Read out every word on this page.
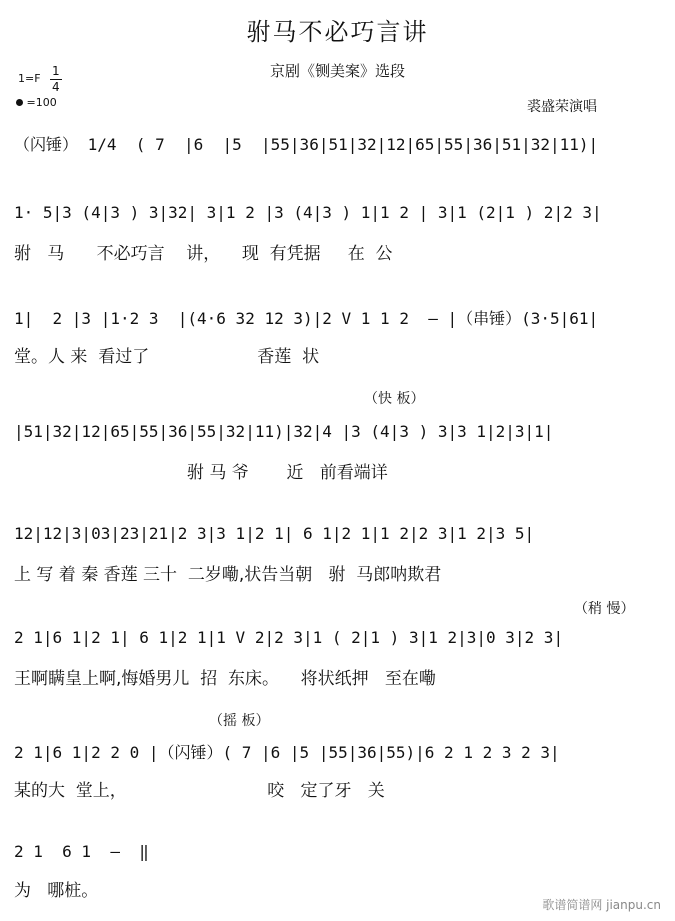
驸马不必巧言讲
京剧《铡美案》选段
1=F
1
4
=100	裘盛荣演唱
（闪锤） 1/4  ( 7  |6  |5  |55|36|51|32|12|65|55|36|51|32|11)|
1· 5|3 (4|3 ) 3|32| 3|1 2 |3 (4|3 ) 1|1 2 | 3|1 (2|1 ) 2|2 3|
驸   马      不必巧言    讲，    现  有凭据     在  公
1|  2 |3 |1·2 3  |(4·6 32 12 3)|2 V 1 1 2  – |（串锤）(3·5|61|
堂。人 来  看过了                    香莲  状
（快 板）
|51|32|12|65|55|36|55|32|11)|32|4 |3 (4|3 ) 3|3 1|2|3|1|
驸 马 爷       近   前看端详
12|12|3|03|23|21|2 3|3 1|2 1| 6 1|2 1|1 2|2 3|1 2|3 5|
上 写 着 秦 香莲 三十  二岁嘞,状告当朝   驸  马郎呐欺君
（稍 慢）
2 1|6 1|2 1| 6 1|2 1|1 V 2|2 3|1 ( 2|1 ) 3|1 2|3|0 3|2 3|
王啊瞒皇上啊,悔婚男儿  招  东床。    将状纸押   至在嘞
（摇 板）
2 1|6 1|2 2 0 |（闪锤）( 7 |6 |5 |55|36|55)|6 2 1 2 3 2 3|
某的大  堂上，                          咬   定了牙   关
2 1  6 1  –  ‖
为   哪桩。
歌谱简谱网 jianpu.cn
